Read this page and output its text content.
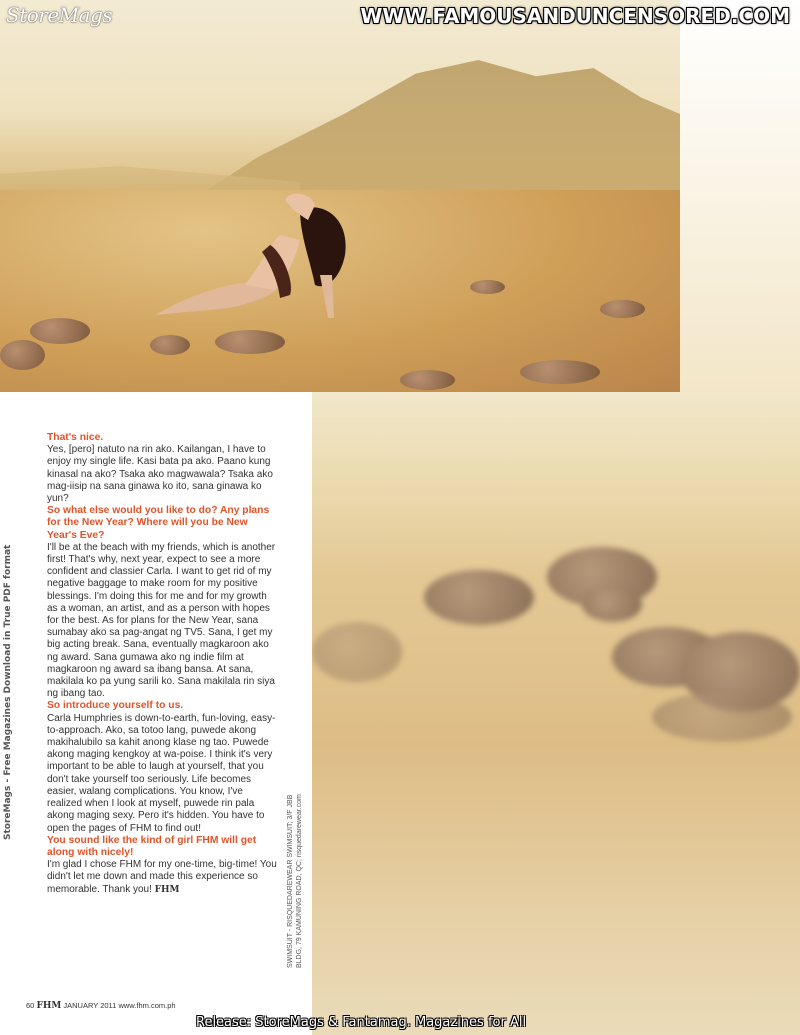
StoreMags	WWW.FAMOUSANDUNCENSORED.COM
StoreMags - Free Magazines Download in True PDF format
That's nice.
Yes, [pero] natuto na rin ako. Kailangan, I have to enjoy my single life. Kasi bata pa ako. Paano kung kinasal na ako? Tsaka ako magwawala? Tsaka ako mag-iisip na sana ginawa ko ito, sana ginawa ko yun?
So what else would you like to do? Any plans for the New Year? Where will you be New Year's Eve?
I'll be at the beach with my friends, which is another first! That's why, next year, expect to see a more confident and classier Carla. I want to get rid of my negative baggage to make room for my positive blessings. I'm doing this for me and for my growth as a woman, an artist, and as a person with hopes for the best. As for plans for the New Year, sana sumabay ako sa pag-angat ng TV5. Sana, I get my big acting break. Sana, eventually magkaroon ako ng award. Sana gumawa ako ng indie film at magkaroon ng award sa ibang bansa. At sana, makilala ko pa yung sarili ko. Sana makilala rin siya ng ibang tao.
So introduce yourself to us.
Carla Humphries is down-to-earth, fun-loving, easy-to-approach. Ako, sa totoo lang, puwede akong makihalubilo sa kahit anong klase ng tao. Puwede akong maging kengkoy at wa-poise. I think it's very important to be able to laugh at yourself, that you don't take yourself too seriously. Life becomes easier, walang complications. You know, I've realized when I look at myself, puwede rin pala akong maging sexy. Pero it's hidden. You have to open the pages of FHM to find out!
You sound like the kind of girl FHM will get along with nicely!
I'm glad I chose FHM for my one-time, big-time! You didn't let me down and made this experience so memorable. Thank you! FHM	SWIMSUIT - RISQUEDAREWEAR SWIMSUIT; 3/F JBB BLDG, 79 KAMUNING ROAD, QC; risquedarewear.com
60 FHM JANUARY 2011 www.fhm.com.ph
Release: StoreMags & Fantamag. Magazines for All
